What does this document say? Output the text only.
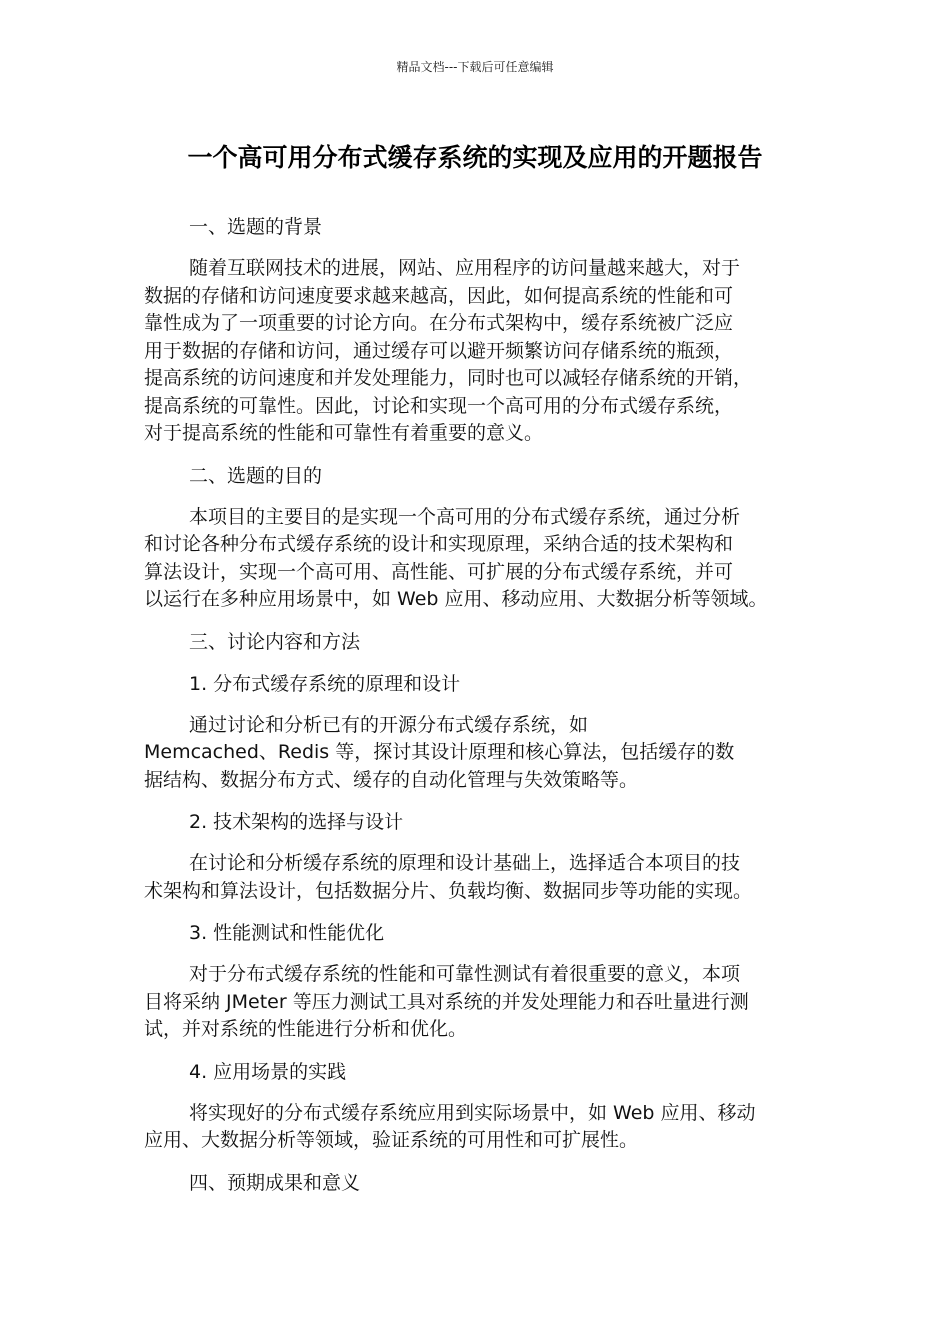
精品文档---下载后可任意编辑
一个高可用分布式缓存系统的实现及应用的开题报告

一、选题的背景

随着互联网技术的进展，网站、应用程序的访问量越来越大，对于
数据的存储和访问速度要求越来越高，因此，如何提高系统的性能和可
靠性成为了一项重要的讨论方向。在分布式架构中，缓存系统被广泛应
用于数据的存储和访问，通过缓存可以避开频繁访问存储系统的瓶颈，
提高系统的访问速度和并发处理能力，同时也可以减轻存储系统的开销，
提高系统的可靠性。因此，讨论和实现一个高可用的分布式缓存系统，
对于提高系统的性能和可靠性有着重要的意义。

二、选题的目的

本项目的主要目的是实现一个高可用的分布式缓存系统，通过分析
和讨论各种分布式缓存系统的设计和实现原理，采纳合适的技术架构和
算法设计，实现一个高可用、高性能、可扩展的分布式缓存系统，并可
以运行在多种应用场景中，如 Web 应用、移动应用、大数据分析等领域。

三、讨论内容和方法

1. 分布式缓存系统的原理和设计

通过讨论和分析已有的开源分布式缓存系统，如
Memcached、Redis 等，探讨其设计原理和核心算法，包括缓存的数
据结构、数据分布方式、缓存的自动化管理与失效策略等。

2. 技术架构的选择与设计

在讨论和分析缓存系统的原理和设计基础上，选择适合本项目的技
术架构和算法设计，包括数据分片、负载均衡、数据同步等功能的实现。

3. 性能测试和性能优化

对于分布式缓存系统的性能和可靠性测试有着很重要的意义，本项
目将采纳 JMeter 等压力测试工具对系统的并发处理能力和吞吐量进行测
试，并对系统的性能进行分析和优化。

4. 应用场景的实践

将实现好的分布式缓存系统应用到实际场景中，如 Web 应用、移动
应用、大数据分析等领域，验证系统的可用性和可扩展性。

四、预期成果和意义
